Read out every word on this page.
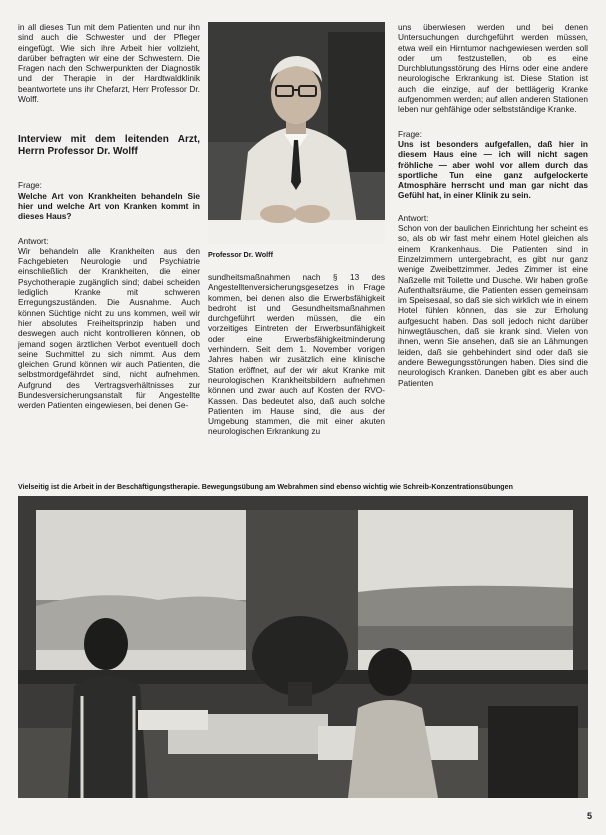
in all dieses Tun mit dem Patienten und nur ihn sind auch die Schwester und der Pfleger eingefügt. Wie sich ihre Arbeit hier vollzieht, darüber befragten wir eine der Schwestern. Die Fragen nach den Schwerpunkten der Diagnostik und der Therapie in der Hardtwaldklinik beantwortete uns ihr Chefarzt, Herr Professor Dr. Wolff.

Interview mit dem leitenden Arzt, Herrn Professor Dr. Wolff

Frage:

Welche Art von Krankheiten behandeln Sie hier und welche Art von Kranken kommt in dieses Haus?

Antwort:

Wir behandeln alle Krankheiten aus den Fachgebieten Neurologie und Psychiatrie einschließlich der Krankheiten, die einer Psychotherapie zugänglich sind; dabei scheiden lediglich Kranke mit schweren Erregungszuständen. Die Ausnahme. Auch können Süchtige nicht zu uns kommen, weil wir hier absolutes Freiheitsprinzip haben und deswegen auch nicht kontrollieren können, ob jemand sogen ärztlichen Verbot eventuell doch seine Suchmittel zu sich nimmt. Aus dem gleichen Grund können wir auch Patienten, die selbstmordgefährdet sind, nicht aufnehmen. Aufgrund des Vertragsverhältnisses zur Bundesversicherungsanstalt für Angestellte werden Patienten eingewiesen, bei denen Ge-

Professor Dr. Wolff

sundheitsmaßnahmen nach § 13 des Angestelltenversicherungsgesetzes in Frage kommen, bei denen also die Erwerbsfähigkeit bedroht ist und Gesundheitsmaßnahmen durchgeführt werden müssen, die ein vorzeitiges Eintreten der Erwerbsunfähigkeit oder eine Erwerbsfähigkeitminderung verhindern. Seit dem 1. November vorigen Jahres haben wir zusätzlich eine klinische Station eröffnet, auf der wir akut Kranke mit neurologischen Krankheitsbildern aufnehmen können und zwar auch auf Kosten der RVO-Kassen. Das bedeutet also, daß auch solche Patienten im Hause sind, die aus der Umgebung stammen, die mit einer akuten neurologischen Erkrankung zu

uns überwiesen werden und bei denen Untersuchungen durchgeführt werden müssen, etwa weil ein Hirntumor nachgewiesen werden soll oder um festzustellen, ob es eine Durchblutungsstörung des Hirns oder eine andere neurologische Erkrankung ist. Diese Station ist auch die einzige, auf der bettlägerig Kranke aufgenommen werden; auf allen anderen Stationen leben nur gehfähige oder selbstständige Kranke.

Frage:

Uns ist besonders aufgefallen, daß hier in diesem Haus eine — ich will nicht sagen fröhliche — aber wohl vor allem durch das sportliche Tun eine ganz aufgelockerte Atmosphäre herrscht und man gar nicht das Gefühl hat, in einer Klinik zu sein.

Antwort:

Schon von der baulichen Einrichtung her scheint es so, als ob wir fast mehr einem Hotel gleichen als einem Krankenhaus. Die Patienten sind in Einzelzimmern untergebracht, es gibt nur ganz wenige Zweibettzimmer. Jedes Zimmer ist eine Naßzelle mit Toilette und Dusche. Wir haben große Aufenthaltsräume, die Patienten essen gemeinsam im Speisesaal, so daß sie sich wirklich wie in einem Hotel fühlen können, das sie zur Erholung aufgesucht haben. Das soll jedoch nicht darüber hinwegtäuschen, daß sie krank sind. Vielen von ihnen, wenn Sie ansehen, daß sie an Lähmungen leiden, daß sie gehbehindert sind oder daß sie andere Bewegungsstörungen haben. Dies sind die neurologisch Kranken. Daneben gibt es aber auch Patienten

Vielseitig ist die Arbeit in der Beschäftigungstherapie. Bewegungsübung am Webrahmen sind ebenso wichtig wie Schreib-Konzentrationsübungen
5
